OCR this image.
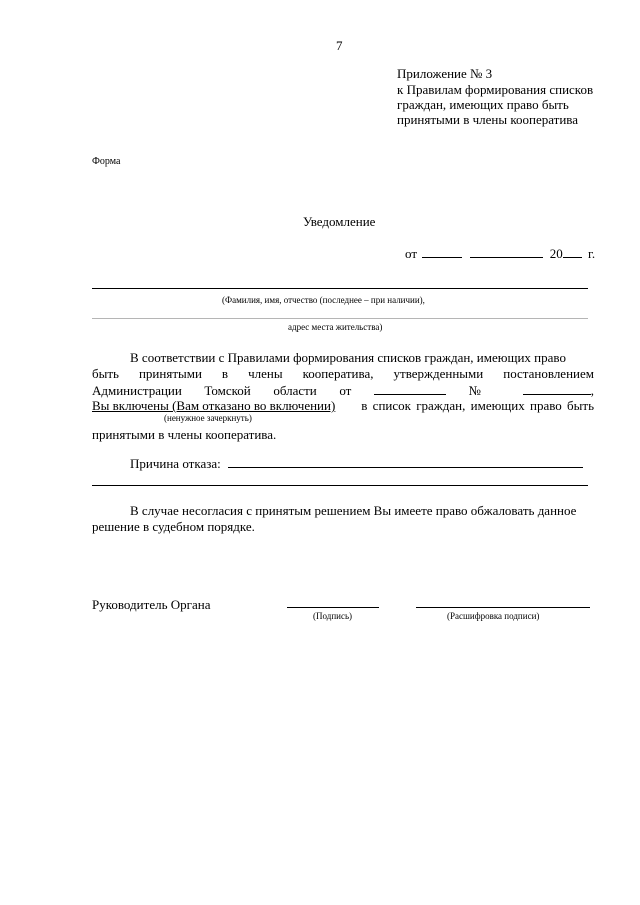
7
Приложение № 3
к Правилам формирования списков
граждан, имеющих право быть
принятыми в члены кооператива
Форма
Уведомление
от	20 г.
(Фамилия, имя, отчество (последнее – при наличии),
адрес места жительства)
В соответствии с Правилами формирования списков граждан, имеющих право
быть принятыми в члены кооператива, утвержденными постановлением
Администрации Томской области от	№	,
Вы включены (Вам отказано во включении) в список граждан, имеющих право быть
(ненужное зачеркнуть)
принятыми в члены кооператива.
Причина отказа:
В случае несогласия с принятым решением Вы имеете право обжаловать данное
решение в судебном порядке.
Руководитель Органа
(Подпись)	(Расшифровка подписи)
